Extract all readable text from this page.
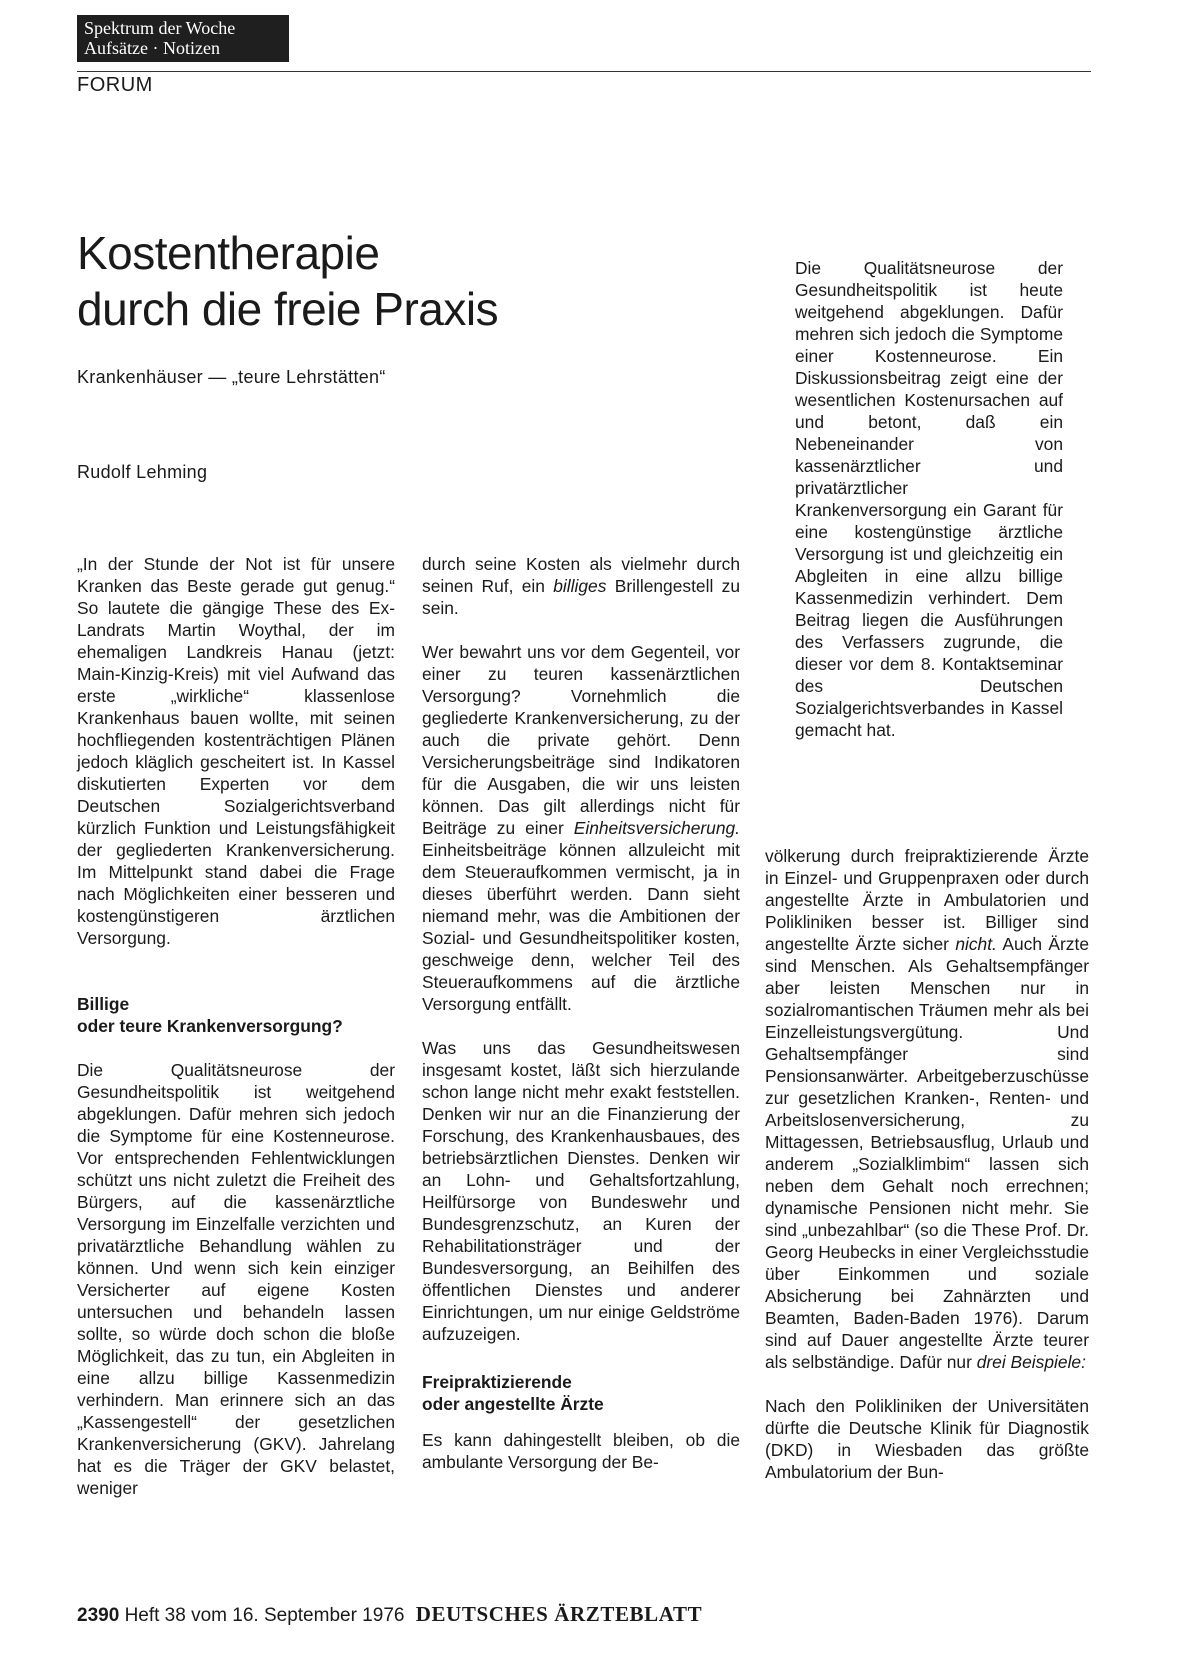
Spektrum der Woche
Aufsätze · Notizen
FORUM
Kostentherapie
durch die freie Praxis
Krankenhäuser — „teure Lehrstätten“
Rudolf Lehming

Die Qualitätsneurose der Gesundheitspolitik ist heute weitgehend abgeklungen. Dafür mehren sich jedoch die Symptome einer Kostenneurose. Ein Diskussionsbeitrag zeigt eine der wesentlichen Kostenursachen auf und betont, daß ein Nebeneinander von kassenärztlicher und privatärztlicher Krankenversorgung ein Garant für eine kostengünstige ärztliche Versorgung ist und gleichzeitig ein Abgleiten in eine allzu billige Kassenmedizin verhindert. Dem Beitrag liegen die Ausführungen des Verfassers zugrunde, die dieser vor dem 8. Kontaktseminar des Deutschen Sozialgerichtsverbandes in Kassel gemacht hat.

„In der Stunde der Not ist für unsere Kranken das Beste gerade gut genug.“ So lautete die gängige These des Ex-Landrats Martin Woythal, der im ehemaligen Landkreis Hanau (jetzt: Main-Kinzig-Kreis) mit viel Aufwand das erste „wirkliche“ klassenlose Krankenhaus bauen wollte, mit seinen hochfliegenden kostenträchtigen Plänen jedoch kläglich gescheitert ist. In Kassel diskutierten Experten vor dem Deutschen Sozialgerichtsverband kürzlich Funktion und Leistungsfähigkeit der gegliederten Krankenversicherung. Im Mittelpunkt stand dabei die Frage nach Möglichkeiten einer besseren und kostengünstigeren ärztlichen Versorgung.

Billige
oder teure Krankenversorgung?

Die Qualitätsneurose der Gesundheitspolitik ist weitgehend abgeklungen. Dafür mehren sich jedoch die Symptome für eine Kostenneurose. Vor entsprechenden Fehlentwicklungen schützt uns nicht zuletzt die Freiheit des Bürgers, auf die kassenärztliche Versorgung im Einzelfalle verzichten und privatärztliche Behandlung wählen zu können. Und wenn sich kein einziger Versicherter auf eigene Kosten untersuchen und behandeln lassen sollte, so würde doch schon die bloße Möglichkeit, das zu tun, ein Abgleiten in eine allzu billige Kassenmedizin verhindern. Man erinnere sich an das „Kassengestell“ der gesetzlichen Krankenversicherung (GKV). Jahrelang hat es die Träger der GKV belastet, weniger

durch seine Kosten als vielmehr durch seinen Ruf, ein billiges Brillengestell zu sein.

Wer bewahrt uns vor dem Gegenteil, vor einer zu teuren kassenärztlichen Versorgung? Vornehmlich die gegliederte Krankenversicherung, zu der auch die private gehört. Denn Versicherungsbeiträge sind Indikatoren für die Ausgaben, die wir uns leisten können. Das gilt allerdings nicht für Beiträge zu einer Einheitsversicherung. Einheitsbeiträge können allzuleicht mit dem Steueraufkommen vermischt, ja in dieses überführt werden. Dann sieht niemand mehr, was die Ambitionen der Sozial- und Gesundheitspolitiker kosten, geschweige denn, welcher Teil des Steueraufkommens auf die ärztliche Versorgung entfällt.

Was uns das Gesundheitswesen insgesamt kostet, läßt sich hierzulande schon lange nicht mehr exakt feststellen. Denken wir nur an die Finanzierung der Forschung, des Krankenhausbaues, des betriebsärztlichen Dienstes. Denken wir an Lohn- und Gehaltsfortzahlung, Heilfürsorge von Bundeswehr und Bundesgrenzschutz, an Kuren der Rehabilitationsträger und der Bundesversorgung, an Beihilfen des öffentlichen Dienstes und anderer Einrichtungen, um nur einige Geldströme aufzuzeigen.

Freipraktizierende
oder angestellte Ärzte

Es kann dahingestellt bleiben, ob die ambulante Versorgung der Be-

völkerung durch freipraktizierende Ärzte in Einzel- und Gruppenpraxen oder durch angestellte Ärzte in Ambulatorien und Polikliniken besser ist. Billiger sind angestellte Ärzte sicher nicht. Auch Ärzte sind Menschen. Als Gehaltsempfänger aber leisten Menschen nur in sozialromantischen Träumen mehr als bei Einzelleistungsvergütung. Und Gehaltsempfänger sind Pensionsanwärter. Arbeitgeberzuschüsse zur gesetzlichen Kranken-, Renten- und Arbeitslosenversicherung, zu Mittagessen, Betriebsausflug, Urlaub und anderem „Sozialklimbim“ lassen sich neben dem Gehalt noch errechnen; dynamische Pensionen nicht mehr. Sie sind „unbezahlbar“ (so die These Prof. Dr. Georg Heubecks in einer Vergleichsstudie über Einkommen und soziale Absicherung bei Zahnärzten und Beamten, Baden-Baden 1976). Darum sind auf Dauer angestellte Ärzte teurer als selbständige. Dafür nur drei Beispiele:

Nach den Polikliniken der Universitäten dürfte die Deutsche Klinik für Diagnostik (DKD) in Wiesbaden das größte Ambulatorium der Bun-

2390 Heft 38 vom 16. September 1976 DEUTSCHES ÄRZTEBLATT
